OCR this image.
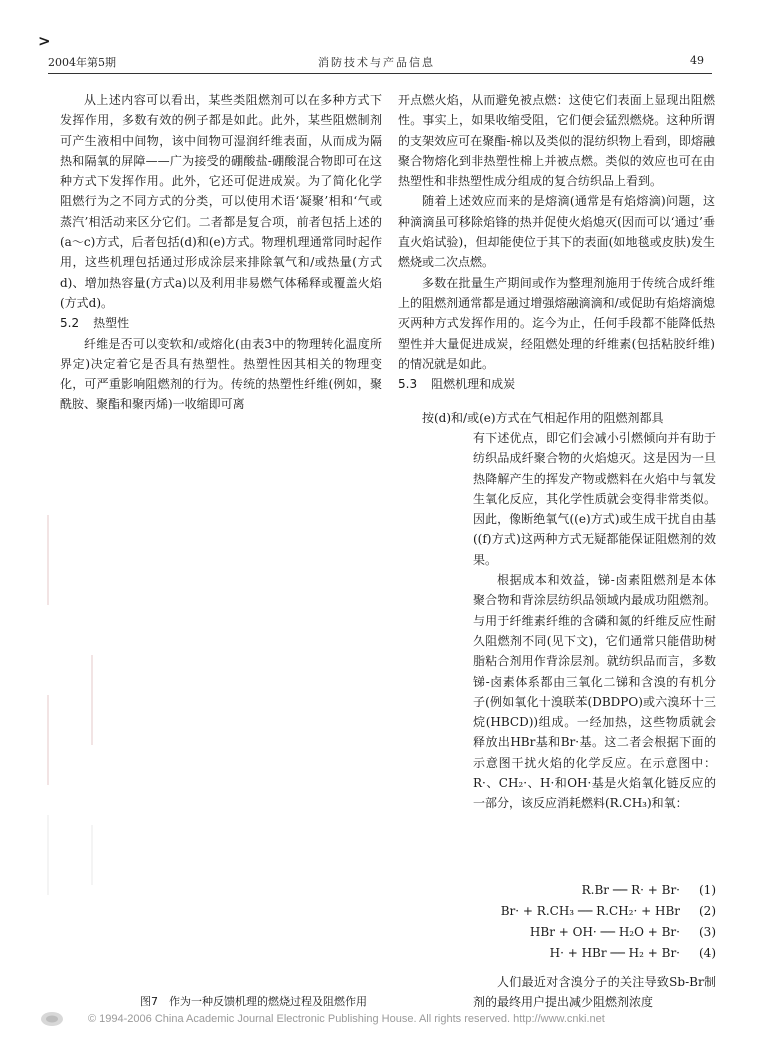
>
2004年第5期	消防技术与产品信息	49

从上述内容可以看出，某些类阻燃剂可以在多种方式下发挥作用，多数有效的例子都是如此。此外，某些阻燃制剂可产生液相中间物，该中间物可湿润纤维表面，从而成为隔热和隔氧的屏障——广为接受的硼酸盐-硼酸混合物即可在这种方式下发挥作用。此外，它还可促进成炭。为了简化化学阻燃行为之不同方式的分类，可以使用术语‘凝聚’相和‘气或蒸汽’相活动来区分它们。二者都是复合项，前者包括上述的(a～c)方式，后者包括(d)和(e)方式。物理机理通常同时起作用，这些机理包括通过形成涂层来排除氧气和/或热量(方式d)、增加热容量(方式a)以及利用非易燃气体稀释或覆盖火焰(方式d)。

5.2 热塑性

纤维是否可以变软和/或熔化(由表3中的物理转化温度所界定)决定着它是否具有热塑性。热塑性因其相关的物理变化，可严重影响阻燃剂的行为。传统的热塑性纤维(例如，聚酰胺、聚酯和聚丙烯)一收缩即可离

开点燃火焰，从而避免被点燃：这使它们表面上显现出阻燃性。事实上，如果收缩受阻，它们便会猛烈燃烧。这种所谓的支架效应可在聚酯-棉以及类似的混纺织物上看到，即熔融聚合物熔化到非热塑性棉上并被点燃。类似的效应也可在由热塑性和非热塑性成分组成的复合纺织品上看到。

随着上述效应而来的是熔滴(通常是有焰熔滴)问题，这种滴滴虽可移除焰锋的热并促使火焰熄灭(因而可以‘通过’垂直火焰试验)，但却能使位于其下的表面(如地毯或皮肤)发生燃烧或二次点燃。

多数在批量生产期间或作为整理剂施用于传统合成纤维上的阻燃剂通常都是通过增强熔融滴滴和/或促助有焰熔滴熄灭两种方式发挥作用的。迄今为止，任何手段都不能降低热塑性并大量促进成炭，经阻燃处理的纤维素(包括粘胶纤维)的情况就是如此。

5.3 阻燃机理和成炭

按(d)和/或(e)方式在气相起作用的阻燃剂都具

有下述优点，即它们会减小引燃倾向并有助于纺织品成纤聚合物的火焰熄灭。这是因为一旦热降解产生的挥发产物或燃料在火焰中与氧发生氧化反应，其化学性质就会变得非常类似。因此，像断绝氧气((e)方式)或生成干扰自由基((f)方式)这两种方式无疑都能保证阻燃剂的效果。

根据成本和效益，锑-卤素阻燃剂是本体聚合物和背涂层纺织品领域内最成功阻燃剂。与用于纤维素纤维的含磷和氮的纤维反应性耐久阻燃剂不同(见下文)，它们通常只能借助树脂粘合剂用作背涂层剂。就纺织品而言，多数锑-卤素体系都由三氧化二锑和含溴的有机分子(例如氧化十溴联苯(DBDPO)或六溴环十三烷(HBCD))组成。一经加热，这些物质就会释放出HBr基和Br·基。这二者会根据下面的示意图干扰火焰的化学反应。在示意图中：R·、CH₂·、H·和OH·基是火焰氧化链反应的一部分，该反应消耗燃料(R.CH₃)和氧：

R.Br ── R· + Br· (1)
Br· + R.CH₃ ── R.CH₂· + HBr (2)
HBr + OH· ── H₂O + Br· (3)
H· + HBr ── H₂ + Br· (4)

人们最近对含溴分子的关注导致Sb-Br制剂的最终用户提出减少阻燃剂浓度

图7　作为一种反馈机理的燃烧过程及阻燃作用
© 1994-2006 China Academic Journal Electronic Publishing House. All rights reserved. http://www.cnki.net
